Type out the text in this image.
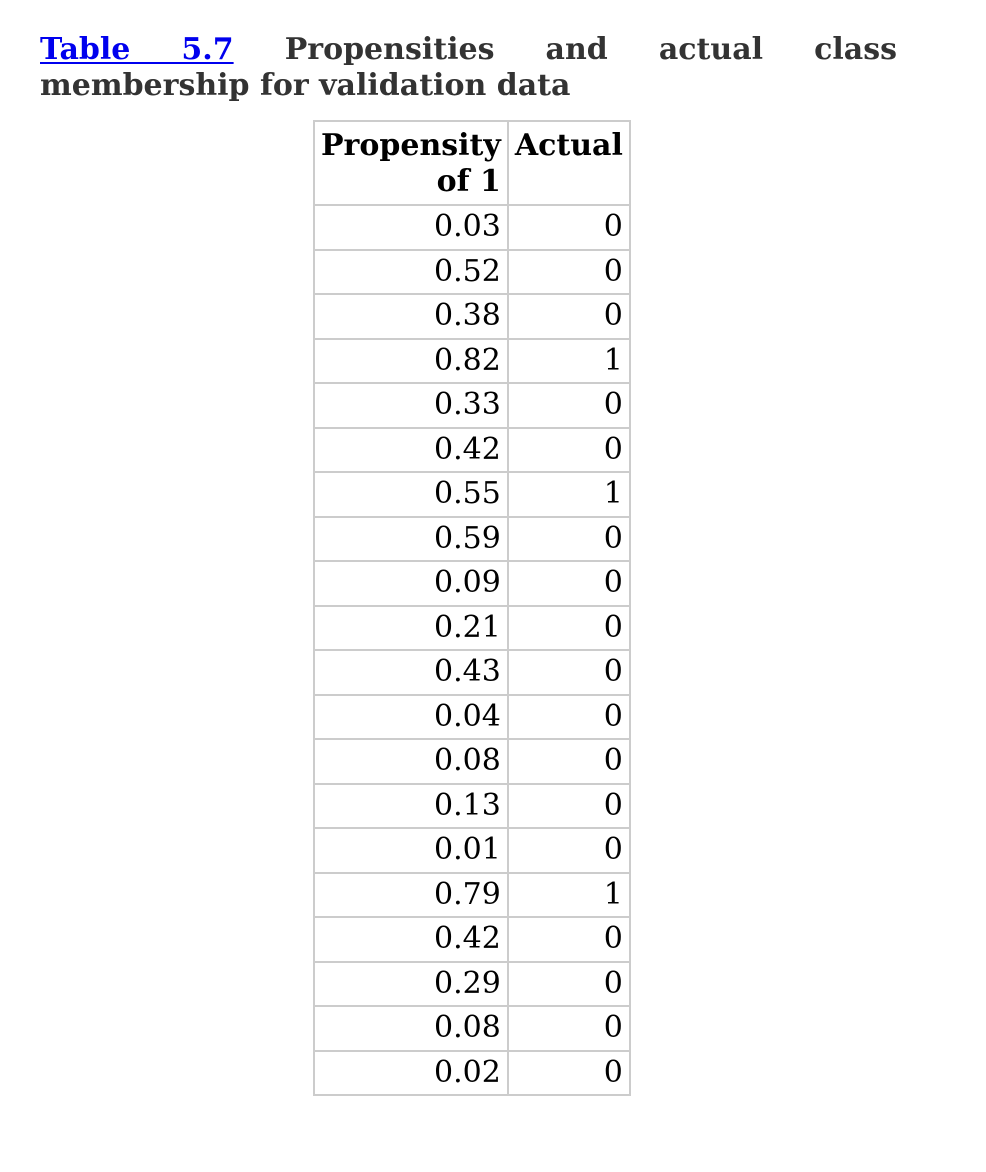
Table 5.7 Propensities and actual class membership for validation data
Propensity of 1	Actual
0.03	0
0.52	0
0.38	0
0.82	1
0.33	0
0.42	0
0.55	1
0.59	0
0.09	0
0.21	0
0.43	0
0.04	0
0.08	0
0.13	0
0.01	0
0.79	1
0.42	0
0.29	0
0.08	0
0.02	0
